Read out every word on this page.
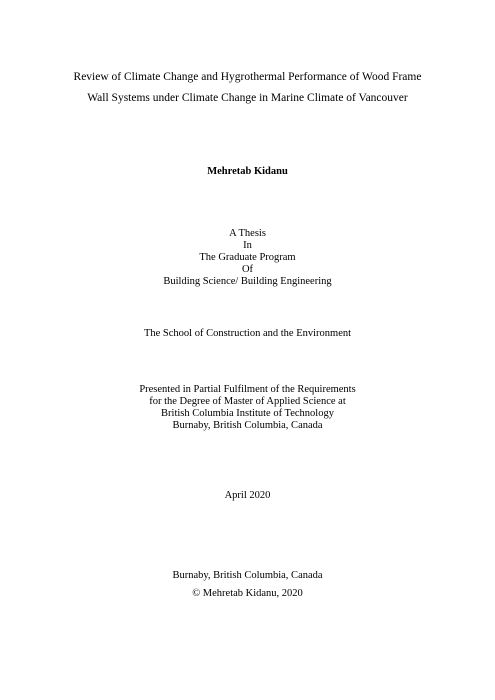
Review of Climate Change and Hygrothermal Performance of Wood Frame
Wall Systems under Climate Change in Marine Climate of Vancouver
Mehretab Kidanu
A Thesis
In
The Graduate Program
Of
Building Science/ Building Engineering
The School of Construction and the Environment
Presented in Partial Fulfilment of the Requirements
for the Degree of Master of Applied Science at
British Columbia Institute of Technology
Burnaby, British Columbia, Canada
April 2020
Burnaby, British Columbia, Canada
© Mehretab Kidanu, 2020
